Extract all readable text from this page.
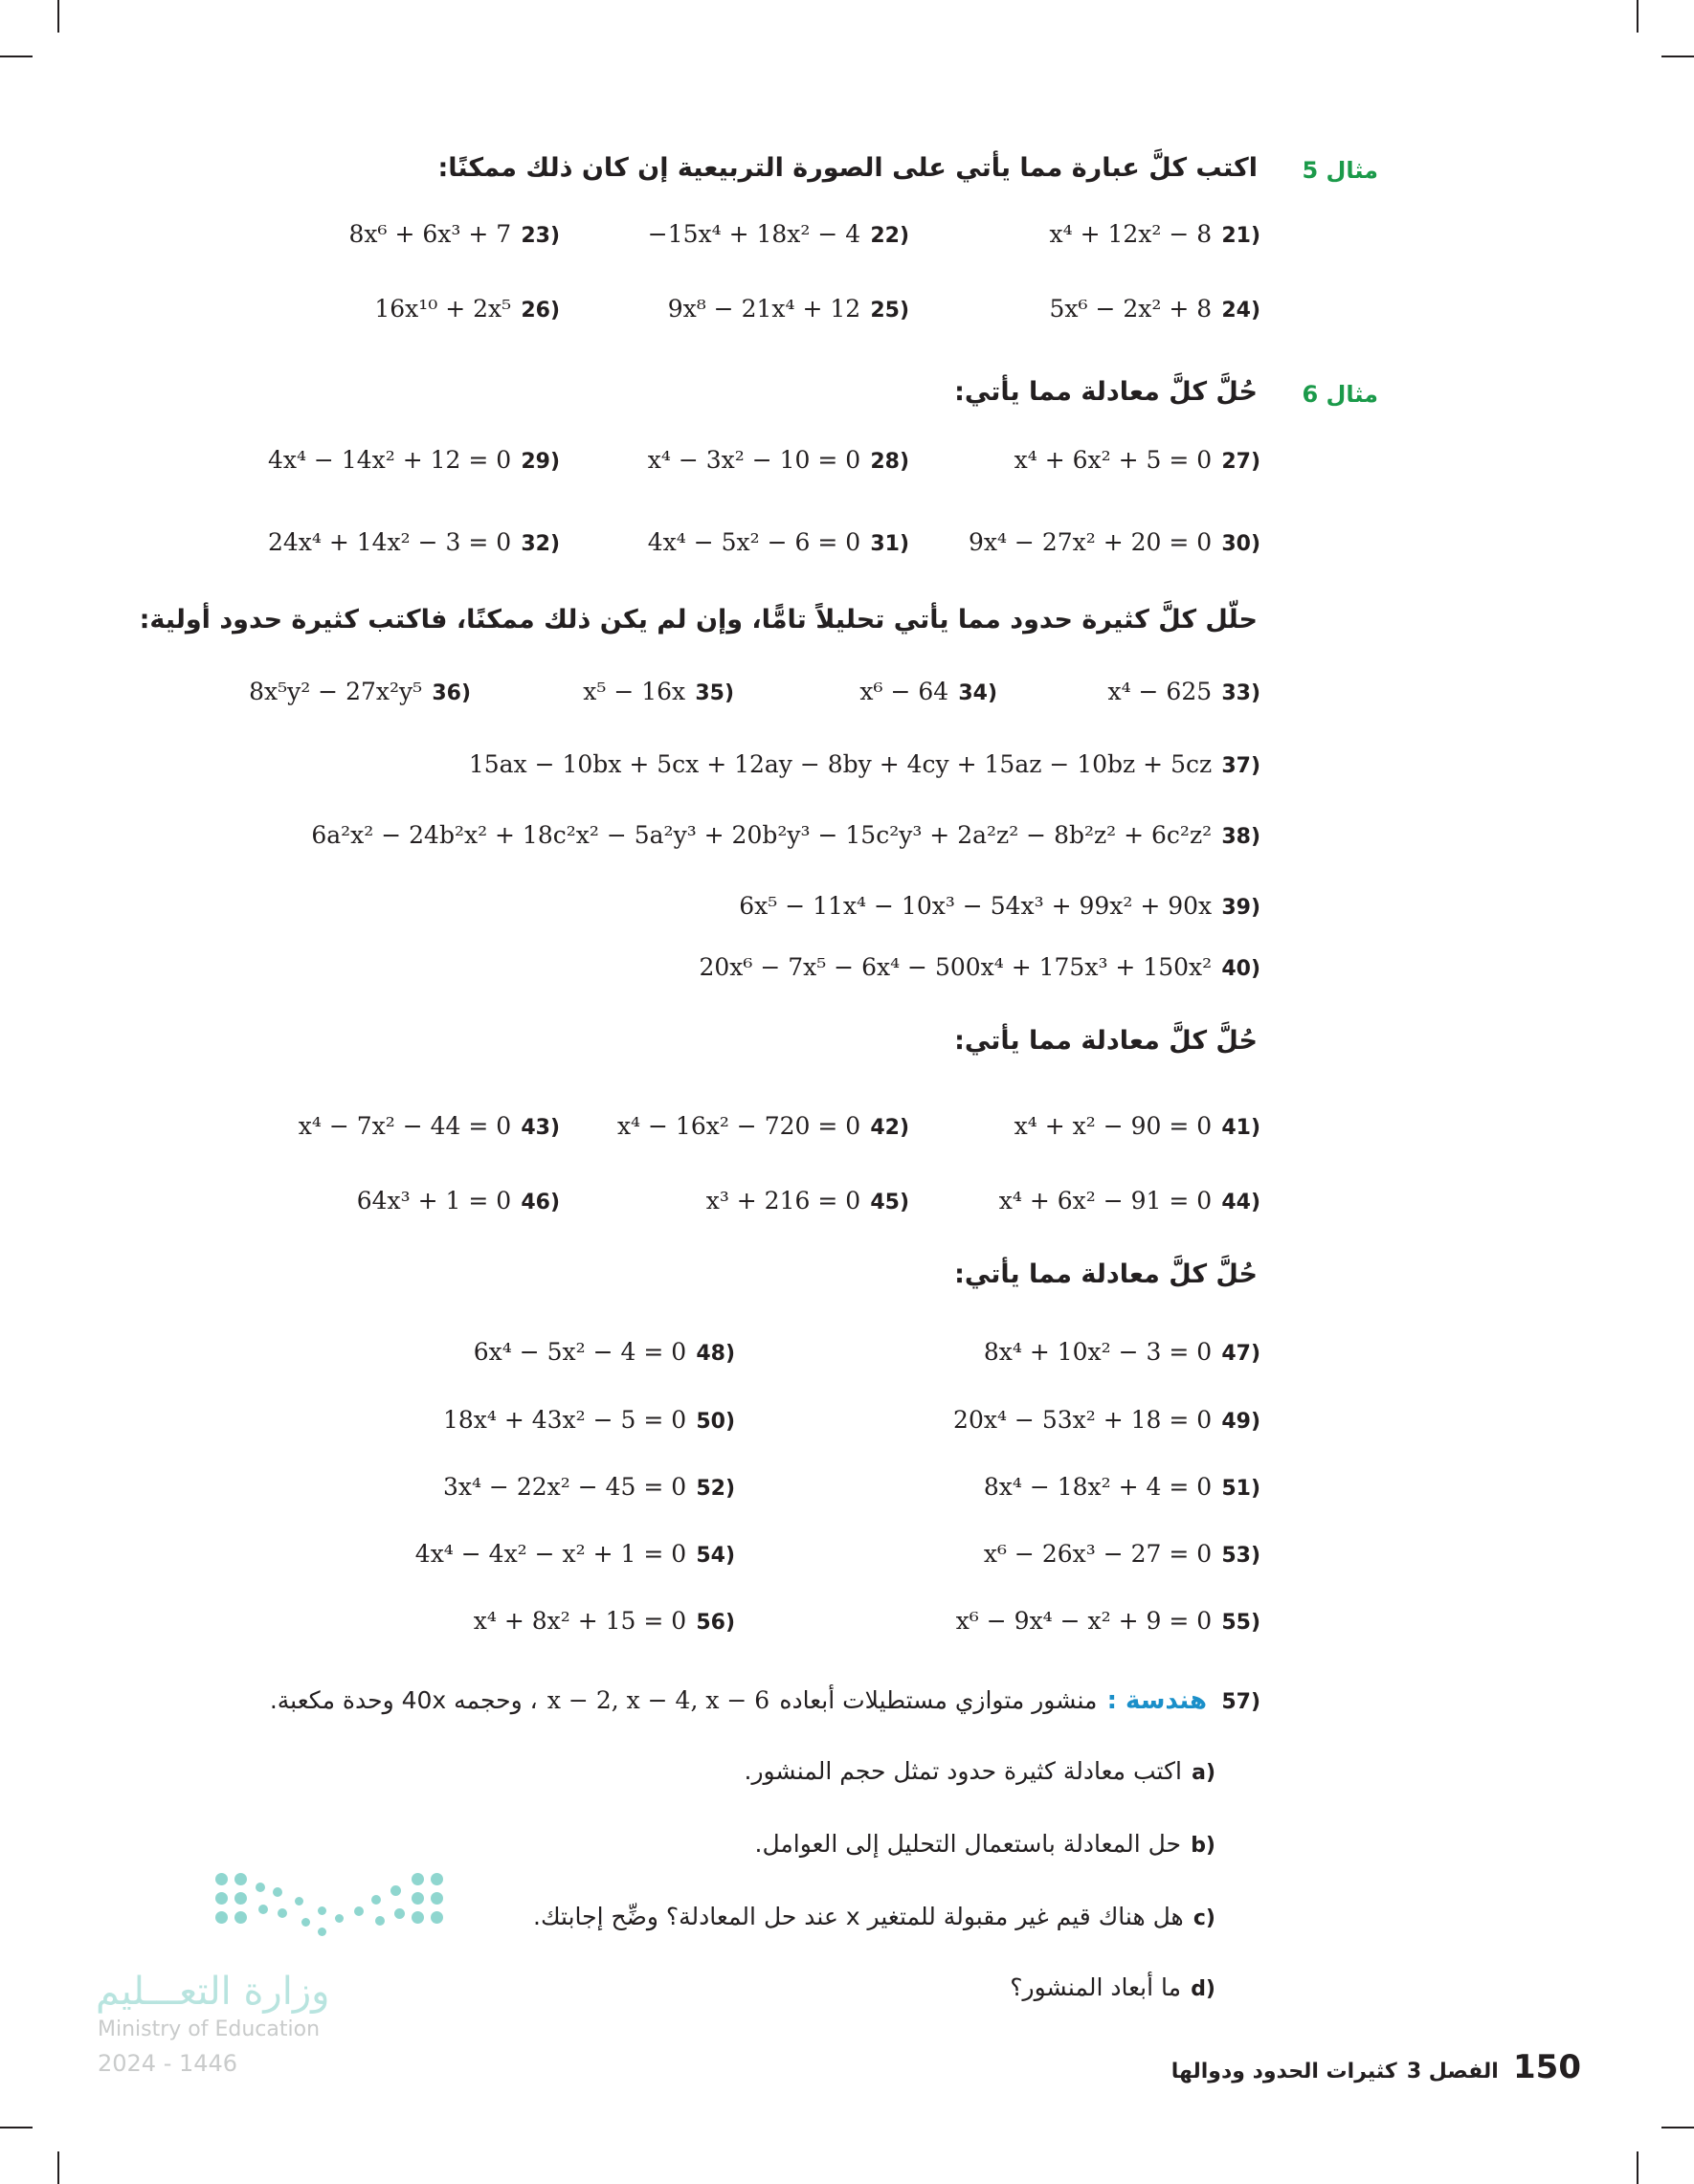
مثال 5
اكتب كلَّ عبارة مما يأتي على الصورة التربيعية إن كان ذلك ممكنًا:
x⁴ + 12x² − 8 21)
−15x⁴ + 18x² − 4 22)
8x⁶ + 6x³ + 7 23)
5x⁶ − 2x² + 8 24)
9x⁸ − 21x⁴ + 12 25)
16x¹⁰ + 2x⁵ 26)
مثال 6
حُلَّ كلَّ معادلة مما يأتي:
x⁴ + 6x² + 5 = 0 27)
x⁴ − 3x² − 10 = 0 28)
4x⁴ − 14x² + 12 = 0 29)
9x⁴ − 27x² + 20 = 0 30)
4x⁴ − 5x² − 6 = 0 31)
24x⁴ + 14x² − 3 = 0 32)
حلّل كلَّ كثيرة حدود مما يأتي تحليلاً تامًّا، وإن لم يكن ذلك ممكنًا، فاكتب كثيرة حدود أولية:
x⁴ − 625 33)
x⁶ − 64 34)
x⁵ − 16x 35)
8x⁵y² − 27x²y⁵ 36)
15ax − 10bx + 5cx + 12ay − 8by + 4cy + 15az − 10bz + 5cz 37)
6a²x² − 24b²x² + 18c²x² − 5a²y³ + 20b²y³ − 15c²y³ + 2a²z² − 8b²z² + 6c²z² 38)
6x⁵ − 11x⁴ − 10x³ − 54x³ + 99x² + 90x 39)
20x⁶ − 7x⁵ − 6x⁴ − 500x⁴ + 175x³ + 150x² 40)
حُلَّ كلَّ معادلة مما يأتي:
x⁴ + x² − 90 = 0 41)
x⁴ − 16x² − 720 = 0 42)
x⁴ − 7x² − 44 = 0 43)
x⁴ + 6x² − 91 = 0 44)
x³ + 216 = 0 45)
64x³ + 1 = 0 46)
حُلَّ كلَّ معادلة مما يأتي:
8x⁴ + 10x² − 3 = 0 47)
6x⁴ − 5x² − 4 = 0 48)
20x⁴ − 53x² + 18 = 0 49)
18x⁴ + 43x² − 5 = 0 50)
8x⁴ − 18x² + 4 = 0 51)
3x⁴ − 22x² − 45 = 0 52)
x⁶ − 26x³ − 27 = 0 53)
4x⁴ − 4x² − x² + 1 = 0 54)
x⁶ − 9x⁴ − x² + 9 = 0 55)
x⁴ + 8x² + 15 = 0 56)
57)   هندسة :  منشور متوازي مستطيلات أبعاده  x − 2, x − 4, x − 6  ، وحجمه 40x وحدة مكعبة.
a)  اكتب معادلة كثيرة حدود تمثل حجم المنشور.
b)  حل المعادلة باستعمال التحليل إلى العوامل.
c)  هل هناك قيم غير مقبولة للمتغير x عند حل المعادلة؟ وضِّح إجابتك.
d)  ما أبعاد المنشور؟
وزارة التعـــليم
Ministry of Education
2024 - 1446	150   الفصل 3  كثيرات الحدود ودوالها
